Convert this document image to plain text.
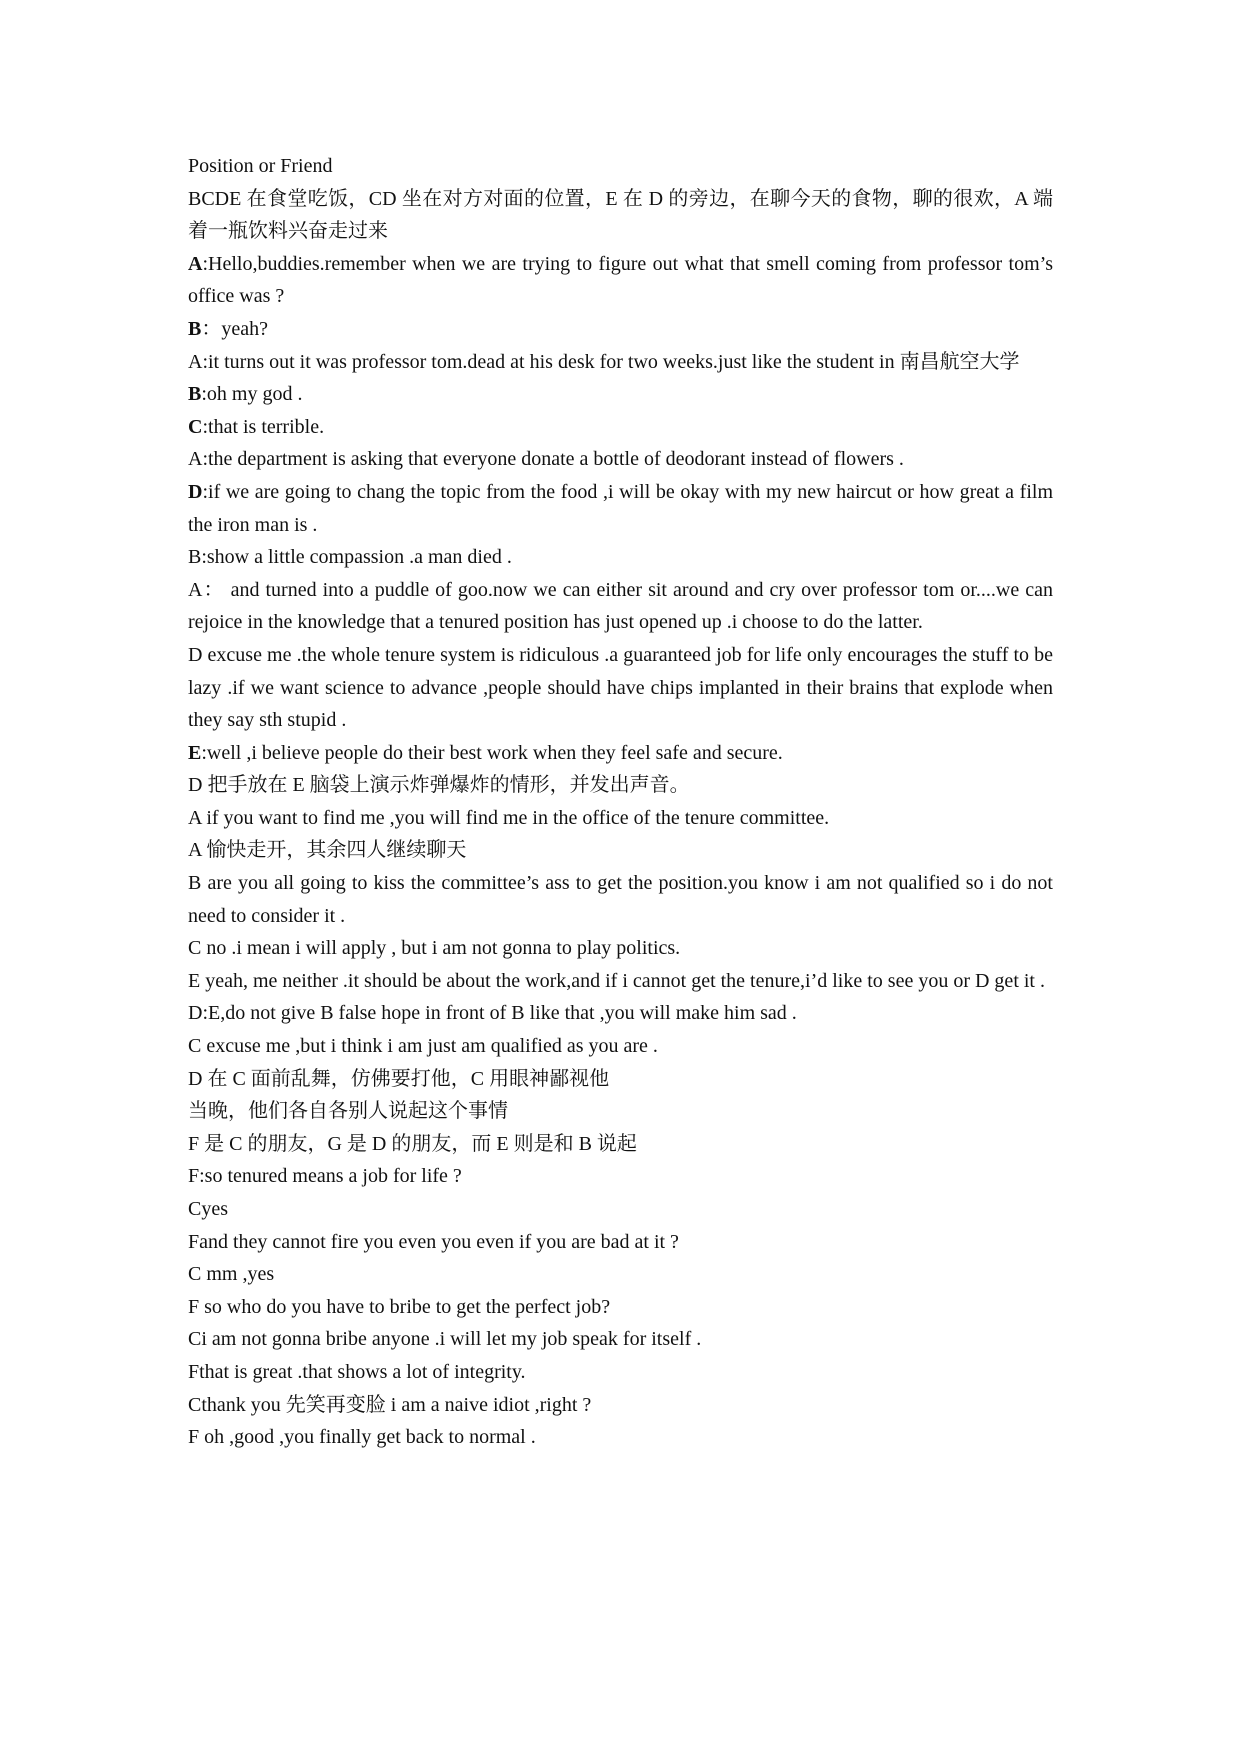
Position or Friend

BCDE 在食堂吃饭，CD 坐在对方对面的位置，E 在 D 的旁边，在聊今天的食物，聊的很欢，A 端着一瓶饮料兴奋走过来

A:Hello,buddies.remember when we are trying to figure out what that smell coming from professor tom’s office was ?

B：yeah?

A:it turns out it was professor tom.dead at his desk for two weeks.just like the student in 南昌航空大学

B:oh my god .

C:that is terrible.

A:the department is asking that everyone donate a bottle of deodorant instead of flowers .

D:if we are going to chang the topic from the food ,i will be okay with my new haircut or how great a film the iron man is .

B:show a little compassion .a man died .

A： and turned into a puddle of goo.now we can either sit around and cry over professor tom or....we can rejoice in the knowledge that a tenured position has just opened up .i choose to do the latter.

D excuse me .the whole tenure system is ridiculous .a guaranteed job for life only encourages the stuff to be lazy .if we want science to advance ,people should have chips implanted in their brains that explode when they say sth stupid .

E:well ,i believe people do their best work when they feel safe and secure.

D 把手放在 E 脑袋上演示炸弹爆炸的情形，并发出声音。

A if you want to find me ,you will find me in the office of the tenure committee.

A 愉快走开，其余四人继续聊天

B are you all going to kiss the committee’s ass to get the position.you know i am not qualified so i do not need to consider it .

C no .i mean i will apply , but i am not gonna to play politics.

E yeah, me neither .it should be about the work,and if i cannot get the tenure,i’d like to see you or D get it .

D:E,do not give B false hope in front of B like that ,you will make him sad .

C excuse me ,but i think i am just am qualified as you are .

D 在 C 面前乱舞，仿佛要打他，C 用眼神鄙视他

当晚，他们各自各别人说起这个事情

F 是 C 的朋友，G 是 D 的朋友，而 E 则是和 B 说起

F:so tenured means a job for life ?

Cyes

Fand they cannot fire you even you even if you are bad at it ?

C mm ,yes

F so who do you have to bribe to get the perfect job?

Ci am not gonna bribe anyone .i will let my job speak for itself .

Fthat is great .that shows a lot of integrity.

Cthank you 先笑再变脸 i am a naive idiot ,right ?

F oh ,good ,you finally get back to normal .
